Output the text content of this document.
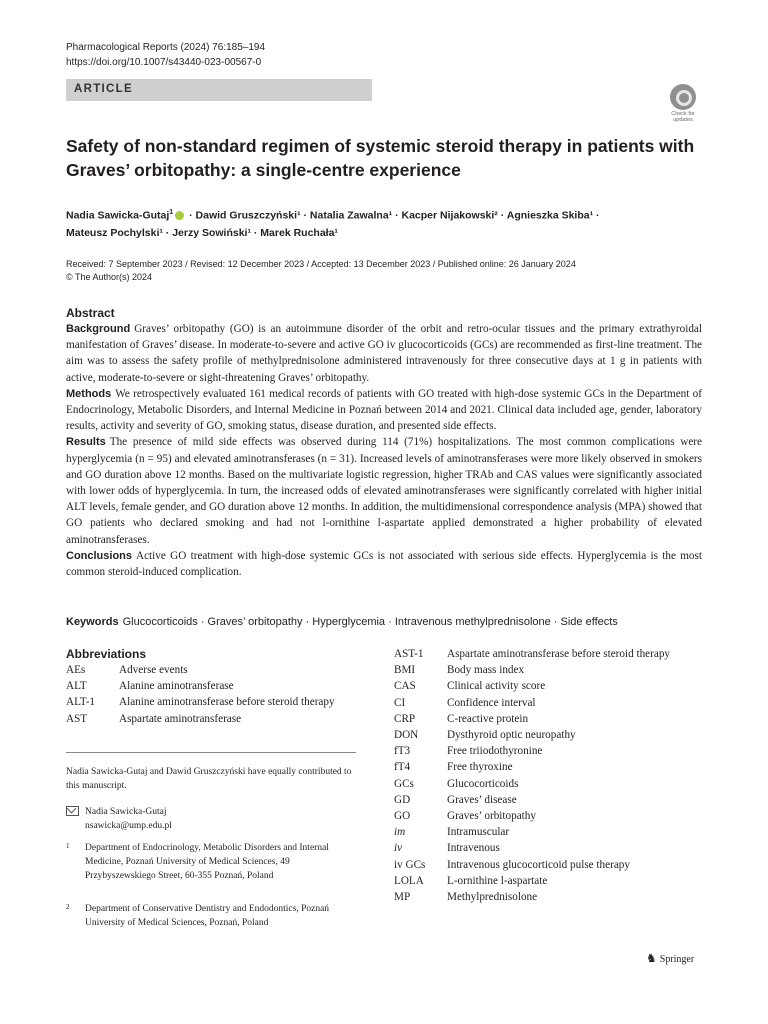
Pharmacological Reports (2024) 76:185–194
https://doi.org/10.1007/s43440-023-00567-0
ARTICLE
Check for updates
Safety of non-standard regimen of systemic steroid therapy in patients with Graves’ orbitopathy: a single-centre experience
Nadia Sawicka-Gutaj$^1$ · Dawid Gruszczyński¹ · Natalia Zawalna¹ · Kacper Nijakowski² · Agnieszka Skiba¹ ·
Mateusz Pochylski¹ · Jerzy Sowiński¹ · Marek Ruchała¹
Received: 7 September 2023 / Revised: 12 December 2023 / Accepted: 13 December 2023 / Published online: 26 January 2024
© The Author(s) 2024
Abstract

Background Graves’ orbitopathy (GO) is an autoimmune disorder of the orbit and retro-ocular tissues and the primary extrathyroidal manifestation of Graves’ disease. In moderate-to-severe and active GO iv glucocorticoids (GCs) are recommended as first-line treatment. The aim was to assess the safety profile of methylprednisolone administered intravenously for three consecutive days at 1 g in patients with active, moderate-to-severe or sight-threatening Graves’ orbitopathy.

Methods We retrospectively evaluated 161 medical records of patients with GO treated with high-dose systemic GCs in the Department of Endocrinology, Metabolic Disorders, and Internal Medicine in Poznań between 2014 and 2021. Clinical data included age, gender, laboratory results, activity and severity of GO, smoking status, disease duration, and presented side effects.

Results The presence of mild side effects was observed during 114 (71%) hospitalizations. The most common complications were hyperglycemia (n = 95) and elevated aminotransferases (n = 31). Increased levels of aminotransferases were more likely observed in smokers and GO duration above 12 months. Based on the multivariate logistic regression, higher TRAb and CAS values were significantly associated with lower odds of hyperglycemia. In turn, the increased odds of elevated aminotransferases were significantly correlated with higher initial ALT levels, female gender, and GO duration above 12 months. In addition, the multidimensional correspondence analysis (MPA) showed that GO patients who declared smoking and had not l-ornithine l-aspartate applied demonstrated a higher probability of elevated aminotransferases.

Conclusions Active GO treatment with high-dose systemic GCs is not associated with serious side effects. Hyperglycemia is the most common steroid-induced complication.

Keywords Glucocorticoids · Graves’ orbitopathy · Hyperglycemia · Intravenous methylprednisolone · Side effects
Abbreviations
AEs	Adverse events
ALT	Alanine aminotransferase
ALT-1	Alanine aminotransferase before steroid therapy
AST	Aspartate aminotransferase
AST-1	Aspartate aminotransferase before steroid therapy
BMI	Body mass index
CAS	Clinical activity score
CI	Confidence interval
CRP	C-reactive protein
DON	Dysthyroid optic neuropathy
fT3	Free triiodothyronine
fT4	Free thyroxine
GCs	Glucocorticoids
GD	Graves’ disease
GO	Graves’ orbitopathy
im	Intramuscular
iv	Intravenous
iv GCs	Intravenous glucocorticoid pulse therapy
LOLA	L-ornithine l-aspartate
MP	Methylprednisolone
Nadia Sawicka-Gutaj and Dawid Gruszczyński have equally contributed to this manuscript.
Nadia Sawicka-Gutaj
nsawicka@ump.edu.pl
1 Department of Endocrinology, Metabolic Disorders and Internal Medicine, Poznań University of Medical Sciences, 49 Przybyszewskiego Street, 60-355 Poznań, Poland
2 Department of Conservative Dentistry and Endodontics, Poznań University of Medical Sciences, Poznań, Poland
♞ Springer
